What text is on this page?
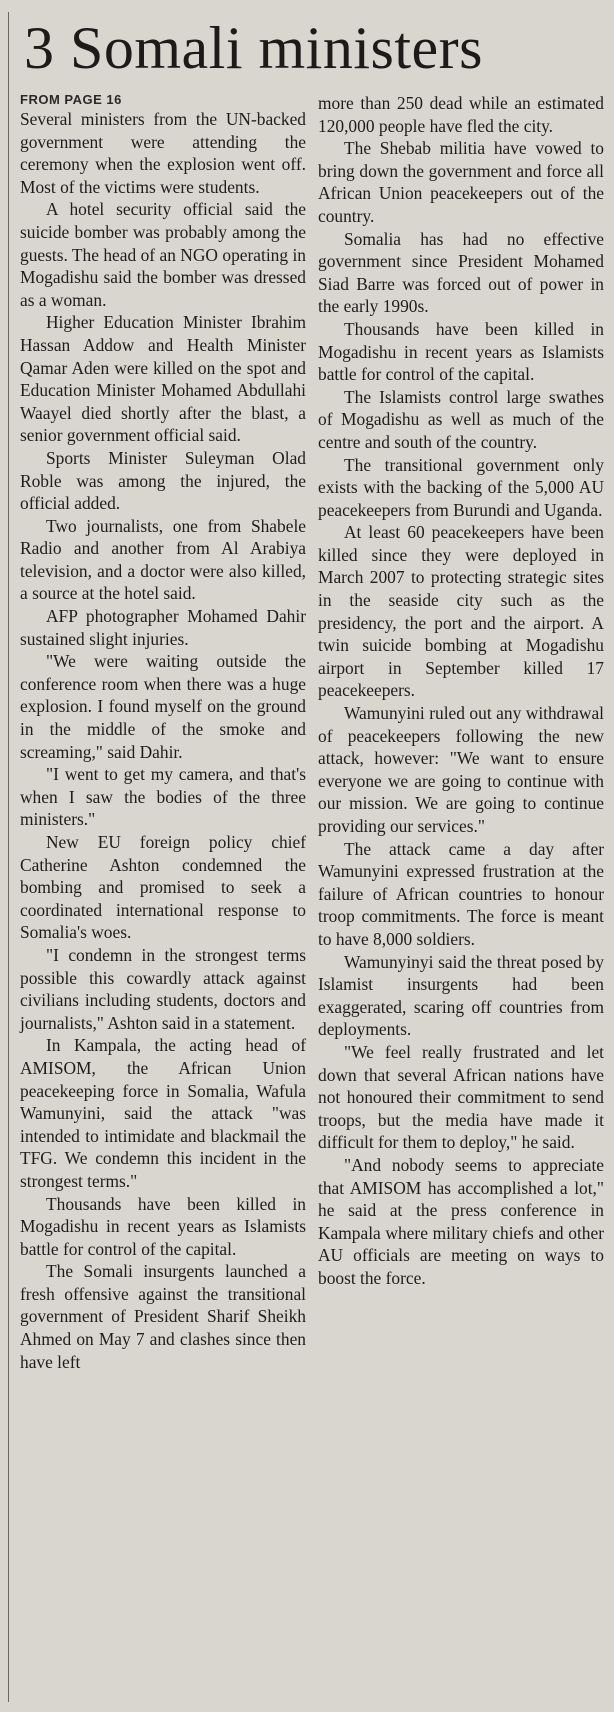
3 Somali ministers
FROM PAGE 16

Several ministers from the UN-backed government were attending the ceremony when the explosion went off. Most of the victims were students.

A hotel security official said the suicide bomber was probably among the guests. The head of an NGO operating in Mogadishu said the bomber was dressed as a woman.

Higher Education Minister Ibrahim Hassan Addow and Health Minister Qamar Aden were killed on the spot and Education Minister Mohamed Abdullahi Waayel died shortly after the blast, a senior government official said.

Sports Minister Suleyman Olad Roble was among the injured, the official added.

Two journalists, one from Shabele Radio and another from Al Arabiya television, and a doctor were also killed, a source at the hotel said.

AFP photographer Mohamed Dahir sustained slight injuries.

"We were waiting outside the conference room when there was a huge explosion. I found myself on the ground in the middle of the smoke and screaming," said Dahir.

"I went to get my camera, and that's when I saw the bodies of the three ministers."

New EU foreign policy chief Catherine Ashton condemned the bombing and promised to seek a coordinated international response to Somalia's woes.

"I condemn in the strongest terms possible this cowardly attack against civilians including students, doctors and journalists," Ashton said in a statement.

In Kampala, the acting head of AMISOM, the African Union peacekeeping force in Somalia, Wafula Wamunyini, said the attack "was intended to intimidate and blackmail the TFG. We condemn this incident in the strongest terms."

Thousands have been killed in Mogadishu in recent years as Islamists battle for control of the capital.

The Somali insurgents launched a fresh offensive against the transitional government of President Sharif Sheikh Ahmed on May 7 and clashes since then have left

more than 250 dead while an estimated 120,000 people have fled the city.

The Shebab militia have vowed to bring down the government and force all African Union peacekeepers out of the country.

Somalia has had no effective government since President Mohamed Siad Barre was forced out of power in the early 1990s.

Thousands have been killed in Mogadishu in recent years as Islamists battle for control of the capital.

The Islamists control large swathes of Mogadishu as well as much of the centre and south of the country.

The transitional government only exists with the backing of the 5,000 AU peacekeepers from Burundi and Uganda.

At least 60 peacekeepers have been killed since they were deployed in March 2007 to protecting strategic sites in the seaside city such as the presidency, the port and the airport. A twin suicide bombing at Mogadishu airport in September killed 17 peacekeepers.

Wamunyini ruled out any withdrawal of peacekeepers following the new attack, however: "We want to ensure everyone we are going to continue with our mission. We are going to continue providing our services."

The attack came a day after Wamunyini expressed frustration at the failure of African countries to honour troop commitments. The force is meant to have 8,000 soldiers.

Wamunyinyi said the threat posed by Islamist insurgents had been exaggerated, scaring off countries from deployments.

"We feel really frustrated and let down that several African nations have not honoured their commitment to send troops, but the media have made it difficult for them to deploy," he said.

"And nobody seems to appreciate that AMISOM has accomplished a lot," he said at the press conference in Kampala where military chiefs and other AU officials are meeting on ways to boost the force.
